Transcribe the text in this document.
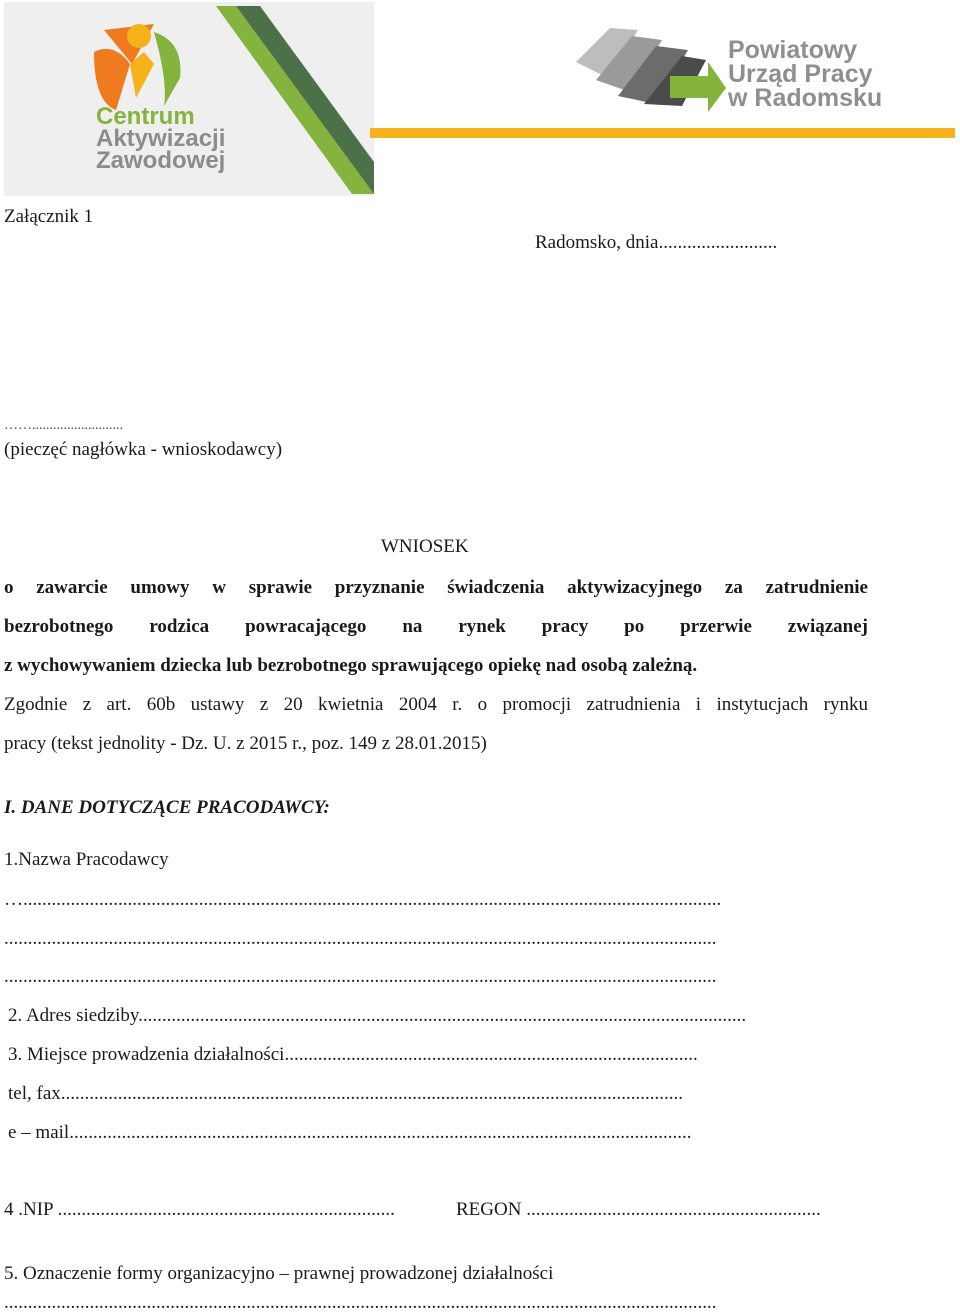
Centrum
Aktywizacji
Zawodowej
Powiatowy
Urząd Pracy
w Radomsku
Załącznik 1
Radomsko, dnia.........................
……..........................
(pieczęć nagłówka - wnioskodawcy)
WNIOSEK
o zawarcie umowy w sprawie przyznanie świadczenia aktywizacyjnego za zatrudnienie
bezrobotnego rodzica powracającego na rynek pracy po przerwie związanej
z wychowywaniem dziecka lub bezrobotnego sprawującego opiekę nad osobą zależną.
Zgodnie z art. 60b ustawy z 20 kwietnia 2004 r. o promocji zatrudnienia i instytucjach rynku
pracy (tekst jednolity - Dz. U. z 2015 r., poz. 149 z 28.01.2015)
I. DANE DOTYCZĄCE PRACODAWCY:
1.Nazwa Pracodawcy
…...................................................................................................................................................
......................................................................................................................................................
......................................................................................................................................................
2. Adres siedziby................................................................................................................................
3. Miejsce prowadzenia działalności.......................................................................................
tel, fax...................................................................................................................................
e – mail...................................................................................................................................
4 .NIP .......................................................................	REGON ..............................................................
5. Oznaczenie formy organizacyjno – prawnej prowadzonej działalności
......................................................................................................................................................
